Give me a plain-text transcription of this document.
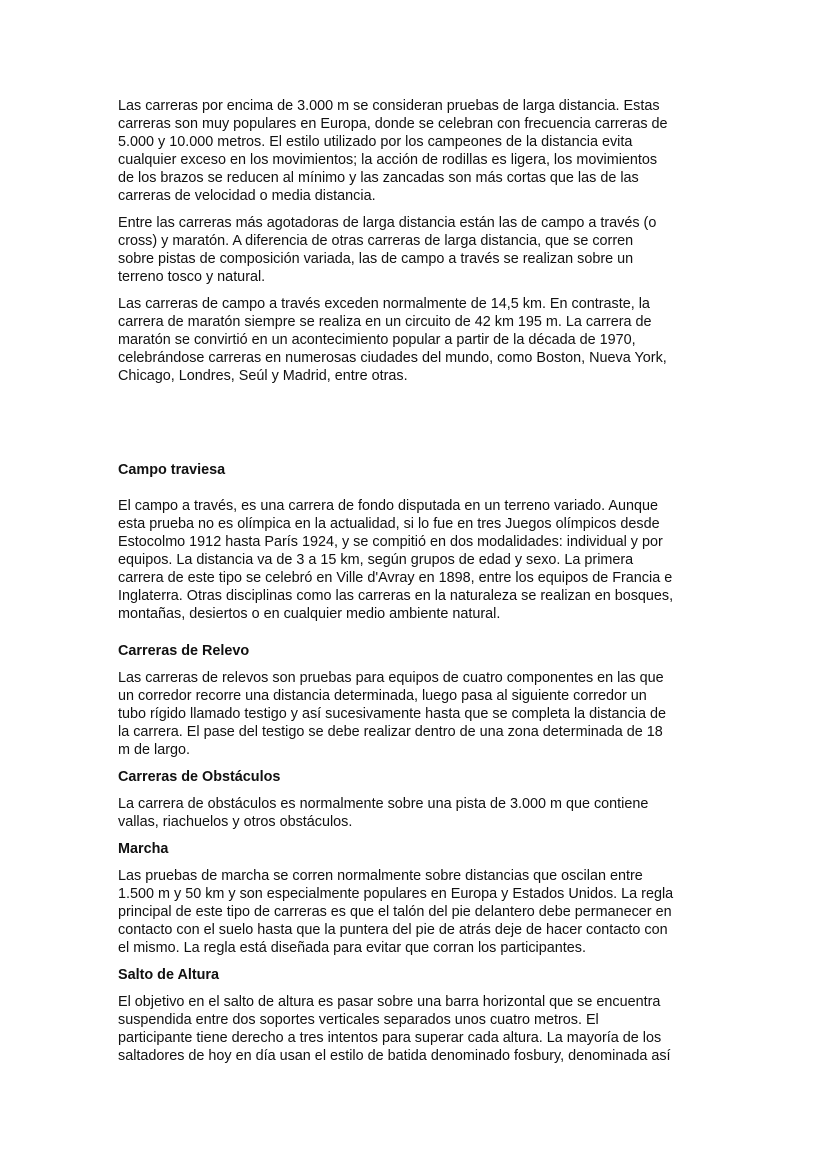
Las carreras por encima de 3.000 m se consideran pruebas de larga distancia. Estas
carreras son muy populares en Europa, donde se celebran con frecuencia carreras de
5.000 y 10.000 metros. El estilo utilizado por los campeones de la distancia evita
cualquier exceso en los movimientos; la acción de rodillas es ligera, los movimientos
de los brazos se reducen al mínimo y las zancadas son más cortas que las de las
carreras de velocidad o media distancia.

Entre las carreras más agotadoras de larga distancia están las de campo a través (o
cross) y maratón. A diferencia de otras carreras de larga distancia, que se corren
sobre pistas de composición variada, las de campo a través se realizan sobre un
terreno tosco y natural.

Las carreras de campo a través exceden normalmente de 14,5 km. En contraste, la
carrera de maratón siempre se realiza en un circuito de 42 km 195 m. La carrera de
maratón se convirtió en un acontecimiento popular a partir de la década de 1970,
celebrándose carreras en numerosas ciudades del mundo, como Boston, Nueva York,
Chicago, Londres, Seúl y Madrid, entre otras.

Campo traviesa

El campo a través, es una carrera de fondo disputada en un terreno variado. Aunque
esta prueba no es olímpica en la actualidad, si lo fue en tres Juegos olímpicos desde
Estocolmo 1912 hasta París 1924, y se compitió en dos modalidades: individual y por
equipos. La distancia va de 3 a 15 km, según grupos de edad y sexo. La primera
carrera de este tipo se celebró en Ville d'Avray en 1898, entre los equipos de Francia e
Inglaterra. Otras disciplinas como las carreras en la naturaleza se realizan en bosques,
montañas, desiertos o en cualquier medio ambiente natural.

Carreras de Relevo

Las carreras de relevos son pruebas para equipos de cuatro componentes en las que
un corredor recorre una distancia determinada, luego pasa al siguiente corredor un
tubo rígido llamado testigo y así sucesivamente hasta que se completa la distancia de
la carrera. El pase del testigo se debe realizar dentro de una zona determinada de 18
m de largo.

Carreras de Obstáculos

La carrera de obstáculos es normalmente sobre una pista de 3.000 m que contiene
vallas, riachuelos y otros obstáculos.

Marcha

Las pruebas de marcha se corren normalmente sobre distancias que oscilan entre
1.500 m y 50 km y son especialmente populares en Europa y Estados Unidos. La regla
principal de este tipo de carreras es que el talón del pie delantero debe permanecer en
contacto con el suelo hasta que la puntera del pie de atrás deje de hacer contacto con
el mismo. La regla está diseñada para evitar que corran los participantes.

Salto de Altura

El objetivo en el salto de altura es pasar sobre una barra horizontal que se encuentra
suspendida entre dos soportes verticales separados unos cuatro metros. El
participante tiene derecho a tres intentos para superar cada altura. La mayoría de los
saltadores de hoy en día usan el estilo de batida denominado fosbury, denominada así
